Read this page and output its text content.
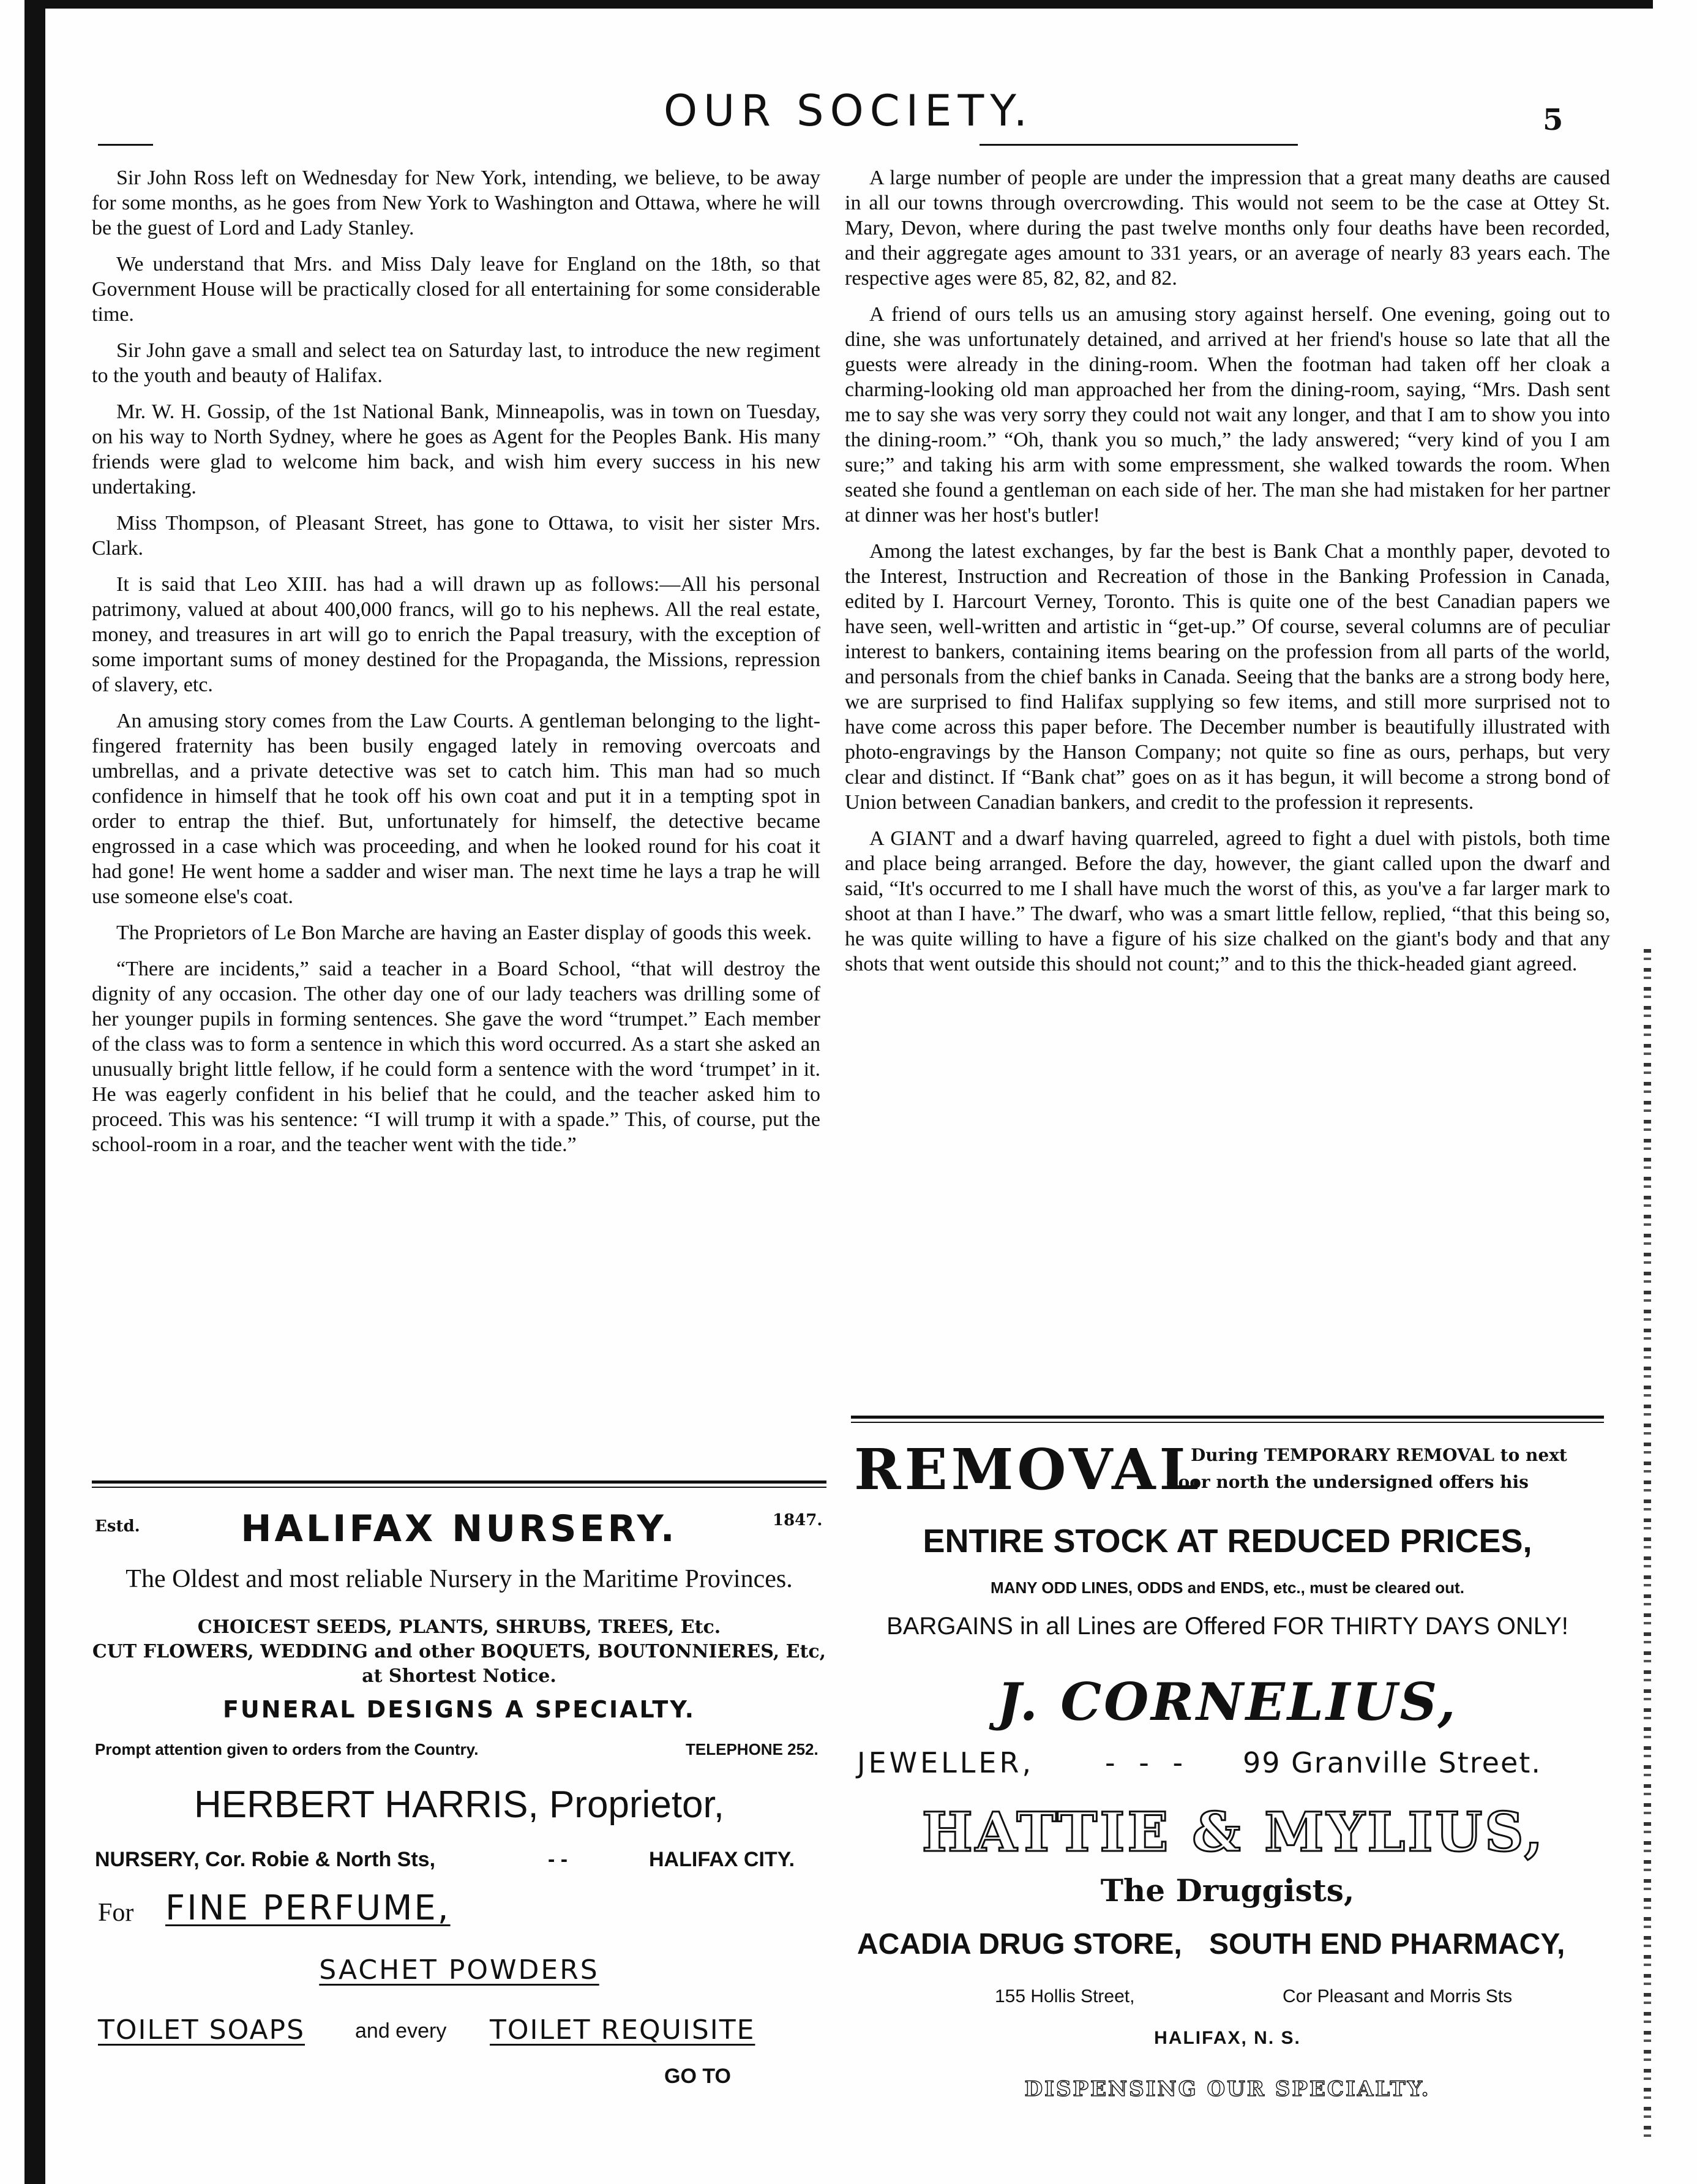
OUR SOCIETY.	5

Sir John Ross left on Wednesday for New York, intending, we believe, to be away for some months, as he goes from New York to Washington and Ottawa, where he will be the guest of Lord and Lady Stanley.

We understand that Mrs. and Miss Daly leave for England on the 18th, so that Government House will be practically closed for all entertaining for some considerable time.

Sir John gave a small and select tea on Saturday last, to introduce the new regiment to the youth and beauty of Halifax.

Mr. W. H. Gossip, of the 1st National Bank, Minneapolis, was in town on Tuesday, on his way to North Sydney, where he goes as Agent for the Peoples Bank. His many friends were glad to welcome him back, and wish him every success in his new undertaking.

Miss Thompson, of Pleasant Street, has gone to Ottawa, to visit her sister Mrs. Clark.

It is said that Leo XIII. has had a will drawn up as follows:—All his personal patrimony, valued at about 400,000 francs, will go to his nephews. All the real estate, money, and treasures in art will go to enrich the Papal treasury, with the exception of some important sums of money destined for the Propaganda, the Missions, repression of slavery, etc.

An amusing story comes from the Law Courts. A gentleman belonging to the light-fingered fraternity has been busily engaged lately in removing overcoats and umbrellas, and a private detective was set to catch him. This man had so much confidence in himself that he took off his own coat and put it in a tempting spot in order to entrap the thief. But, unfortunately for himself, the detective became engrossed in a case which was proceeding, and when he looked round for his coat it had gone! He went home a sadder and wiser man. The next time he lays a trap he will use someone else's coat.

The Proprietors of Le Bon Marche are having an Easter display of goods this week.

“There are incidents,” said a teacher in a Board School, “that will destroy the dignity of any occasion. The other day one of our lady teachers was drilling some of her younger pupils in forming sentences. She gave the word “trumpet.” Each member of the class was to form a sentence in which this word occurred. As a start she asked an unusually bright little fellow, if he could form a sentence with the word ‘trumpet’ in it. He was eagerly confident in his belief that he could, and the teacher asked him to proceed. This was his sentence: “I will trump it with a spade.” This, of course, put the school-room in a roar, and the teacher went with the tide.”

A large number of people are under the impression that a great many deaths are caused in all our towns through overcrowding. This would not seem to be the case at Ottey St. Mary, Devon, where during the past twelve months only four deaths have been recorded, and their aggregate ages amount to 331 years, or an average of nearly 83 years each. The respective ages were 85, 82, 82, and 82.

A friend of ours tells us an amusing story against herself. One evening, going out to dine, she was unfortunately detained, and arrived at her friend's house so late that all the guests were already in the dining-room. When the footman had taken off her cloak a charming-looking old man approached her from the dining-room, saying, “Mrs. Dash sent me to say she was very sorry they could not wait any longer, and that I am to show you into the dining-room.” “Oh, thank you so much,” the lady answered; “very kind of you I am sure;” and taking his arm with some empressment, she walked towards the room. When seated she found a gentleman on each side of her. The man she had mistaken for her partner at dinner was her host's butler!

Among the latest exchanges, by far the best is Bank Chat a monthly paper, devoted to the Interest, Instruction and Recreation of those in the Banking Profession in Canada, edited by I. Harcourt Verney, Toronto. This is quite one of the best Canadian papers we have seen, well-written and artistic in “get-up.” Of course, several columns are of peculiar interest to bankers, containing items bearing on the profession from all parts of the world, and personals from the chief banks in Canada. Seeing that the banks are a strong body here, we are surprised to find Halifax supplying so few items, and still more surprised not to have come across this paper before. The December number is beautifully illustrated with photo-engravings by the Hanson Company; not quite so fine as ours, perhaps, but very clear and distinct. If “Bank chat” goes on as it has begun, it will become a strong bond of Union between Canadian bankers, and credit to the profession it represents.

A GIANT and a dwarf having quarreled, agreed to fight a duel with pistols, both time and place being arranged. Before the day, however, the giant called upon the dwarf and said, “It's occurred to me I shall have much the worst of this, as you've a far larger mark to shoot at than I have.” The dwarf, who was a smart little fellow, replied, “that this being so, he was quite willing to have a figure of his size chalked on the giant's body and that any shots that went outside this should not count;” and to this the thick-headed giant agreed.

Estd.	1847.
HALIFAX NURSERY.
The Oldest and most reliable Nursery in the Maritime Provinces.
CHOICEST SEEDS, PLANTS, SHRUBS, TREES, Etc.
CUT FLOWERS, WEDDING and other BOQUETS, BOUTONNIERES, Etc,
at Shortest Notice.
FUNERAL DESIGNS A SPECIALTY.
Prompt attention given to orders from the Country.	TELEPHONE 252.
HERBERT HARRIS, Proprietor,
NURSERY, Cor. Robie & North Sts,	- -	HALIFAX CITY.
For FINE PERFUME,
SACHET POWDERS
TOILET SOAPS and every TOILET REQUISITE
GO TO
REMOVAL
During TEMPORARY REMOVAL to next
door north the undersigned offers his
ENTIRE STOCK AT REDUCED PRICES,
MANY ODD LINES, ODDS and ENDS, etc., must be cleared out.
BARGAINS in all Lines are Offered FOR THIRTY DAYS ONLY!
J. CORNELIUS,
JEWELLER,	- - - 99 Granville Street.
HATTIE & MYLIUS,
The Druggists,
ACADIA DRUG STORE, SOUTH END PHARMACY,
155 Hollis Street,	Cor Pleasant and Morris Sts
HALIFAX, N. S.
DISPENSING OUR SPECIALTY.
